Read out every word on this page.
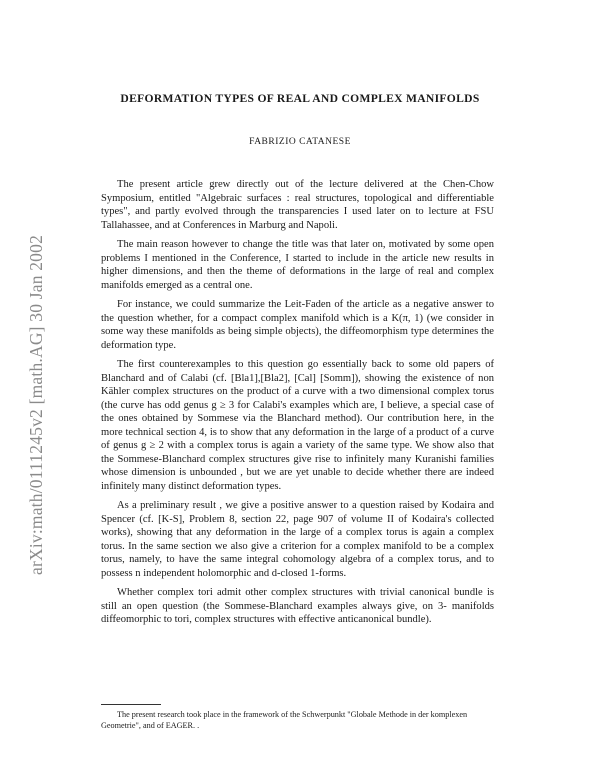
arXiv:math/0111245v2 [math.AG] 30 Jan 2002
DEFORMATION TYPES OF REAL AND COMPLEX MANIFOLDS

FABRIZIO CATANESE

The present article grew directly out of the lecture delivered at the Chen-Chow Symposium, entitled "Algebraic surfaces : real structures, topological and differentiable types", and partly evolved through the transparencies I used later on to lecture at FSU Tallahassee, and at Conferences in Marburg and Napoli.

The main reason however to change the title was that later on, motivated by some open problems I mentioned in the Conference, I started to include in the article new results in higher dimensions, and then the theme of deformations in the large of real and complex manifolds emerged as a central one.

For instance, we could summarize the Leit-Faden of the article as a negative answer to the question whether, for a compact complex manifold which is a K(π, 1) (we consider in some way these manifolds as being simple objects), the diffeomorphism type determines the deformation type.

The first counterexamples to this question go essentially back to some old papers of Blanchard and of Calabi (cf. [Bla1],[Bla2], [Cal] [Somm]), showing the existence of non Kähler complex structures on the product of a curve with a two dimensional complex torus (the curve has odd genus g ≥ 3 for Calabi's examples which are, I believe, a special case of the ones obtained by Sommese via the Blanchard method). Our contribution here, in the more technical section 4, is to show that any deformation in the large of a product of a curve of genus g ≥ 2 with a complex torus is again a variety of the same type. We show also that the Sommese-Blanchard complex structures give rise to infinitely many Kuranishi families whose dimension is unbounded , but we are yet unable to decide whether there are indeed infinitely many distinct deformation types.

As a preliminary result , we give a positive answer to a question raised by Kodaira and Spencer (cf. [K-S], Problem 8, section 22, page 907 of volume II of Kodaira's collected works), showing that any deformation in the large of a complex torus is again a complex torus. In the same section we also give a criterion for a complex manifold to be a complex torus, namely, to have the same integral cohomology algebra of a complex torus, and to possess n independent holomorphic and d-closed 1-forms.

Whether complex tori admit other complex structures with trivial canonical bundle is still an open question (the Sommese-Blanchard examples always give, on 3- manifolds diffeomorphic to tori, complex structures with effective anticanonical bundle).

The present research took place in the framework of the Schwerpunkt "Globale Methode in der komplexen Geometrie", and of EAGER. .
